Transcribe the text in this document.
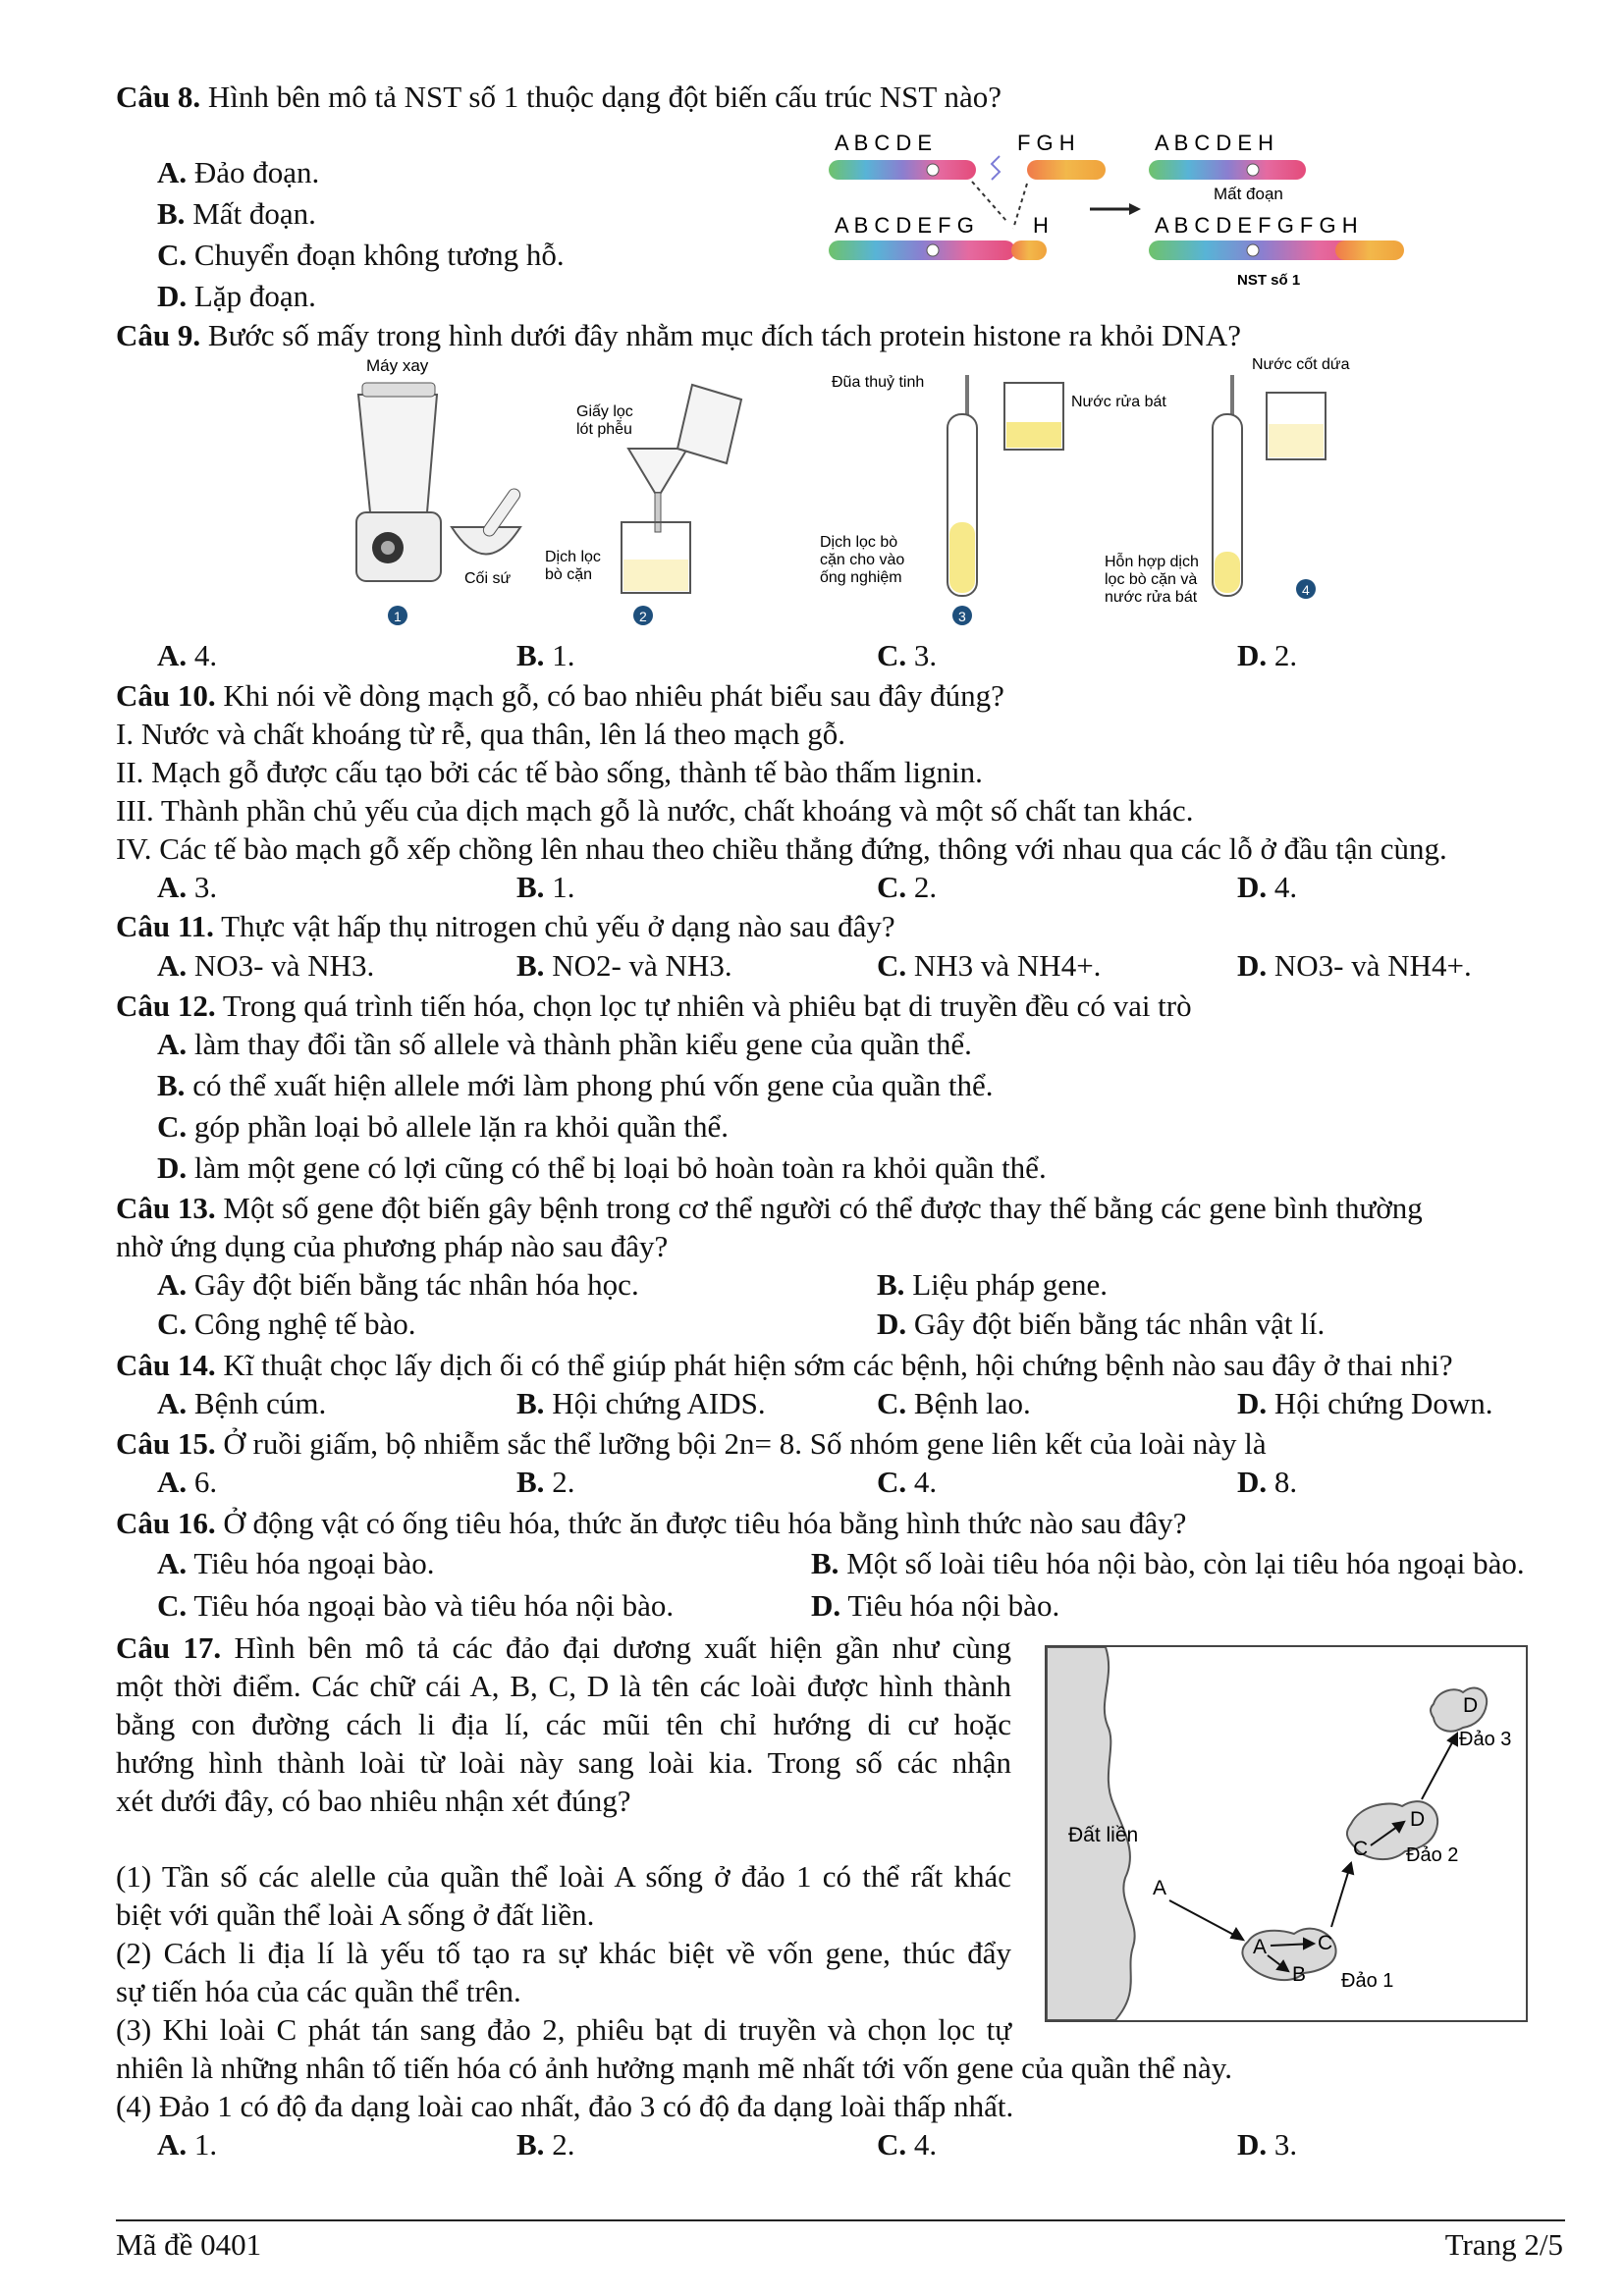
Câu 8. Hình bên mô tả NST số 1 thuộc dạng đột biến cấu trúc NST nào?
A. Đảo đoạn.
B. Mất đoạn.
C. Chuyển đoạn không tương hỗ.
D. Lặp đoạn.
A B C D E	F G H
A B C D E F G	H
A B C D E H
Mất đoạn
A B C D E F G F G H
NST số 1
Câu 9. Bước số mấy trong hình dưới đây nhằm mục đích tách protein histone ra khỏi DNA?
Máy xay
Cối sứ
1
Giấy lọc lót phễu
Dịch lọc bò cặn
2
Đũa thuỷ tinh
Nước rửa bát
Dịch lọc bò cặn cho vào ống nghiệm
3
Nước cốt dứa
Hỗn hợp dịch lọc bò cặn và nước rửa bát	4
A. 4.	B. 1.	C. 3.	D. 2.
Câu 10. Khi nói về dòng mạch gỗ, có bao nhiêu phát biểu sau đây đúng?
I. Nước và chất khoáng từ rễ, qua thân, lên lá theo mạch gỗ.
II. Mạch gỗ được cấu tạo bởi các tế bào sống, thành tế bào thấm lignin.
III. Thành phần chủ yếu của dịch mạch gỗ là nước, chất khoáng và một số chất tan khác.
IV. Các tế bào mạch gỗ xếp chồng lên nhau theo chiều thẳng đứng, thông với nhau qua các lỗ ở đầu tận cùng.
A. 3.	B. 1.	C. 2.	D. 4.
Câu 11. Thực vật hấp thụ nitrogen chủ yếu ở dạng nào sau đây?
A. NO3- và NH3.	B. NO2- và NH3.	C. NH3 và NH4+.	D. NO3- và NH4+.
Câu 12. Trong quá trình tiến hóa, chọn lọc tự nhiên và phiêu bạt di truyền đều có vai trò
A. làm thay đổi tần số allele và thành phần kiểu gene của quần thể.
B. có thể xuất hiện allele mới làm phong phú vốn gene của quần thể.
C. góp phần loại bỏ allele lặn ra khỏi quần thể.
D. làm một gene có lợi cũng có thể bị loại bỏ hoàn toàn ra khỏi quần thể.
Câu 13. Một số gene đột biến gây bệnh trong cơ thể người có thể được thay thế bằng các gene bình thường
nhờ ứng dụng của phương pháp nào sau đây?
A. Gây đột biến bằng tác nhân hóa học.	B. Liệu pháp gene.
C. Công nghệ tế bào.	D. Gây đột biến bằng tác nhân vật lí.
Câu 14. Kĩ thuật chọc lấy dịch ối có thể giúp phát hiện sớm các bệnh, hội chứng bệnh nào sau đây ở thai nhi?
A. Bệnh cúm.	B. Hội chứng AIDS.	C. Bệnh lao.	D. Hội chứng Down.
Câu 15. Ở ruồi giấm, bộ nhiễm sắc thể lưỡng bội 2n= 8. Số nhóm gene liên kết của loài này là
A. 6.	B. 2.	C. 4.	D. 8.
Câu 16. Ở động vật có ống tiêu hóa, thức ăn được tiêu hóa bằng hình thức nào sau đây?
A. Tiêu hóa ngoại bào.	B. Một số loài tiêu hóa nội bào, còn lại tiêu hóa ngoại bào.
C. Tiêu hóa ngoại bào và tiêu hóa nội bào.	D. Tiêu hóa nội bào.
Câu 17. Hình bên mô tả các đảo đại dương xuất hiện gần như cùng
một thời điểm. Các chữ cái A, B, C, D là tên các loài được hình thành
bằng con đường cách li địa lí, các mũi tên chỉ hướng di cư hoặc
hướng hình thành loài từ loài này sang loài kia. Trong số các nhận
xét dưới đây, có bao nhiêu nhận xét đúng?
(1) Tần số các alelle của quần thể loài A sống ở đảo 1 có thể rất khác
biệt với quần thể loài A sống ở đất liền.
(2) Cách li địa lí là yếu tố tạo ra sự khác biệt về vốn gene, thúc đẩy
sự tiến hóa của các quần thể trên.
(3) Khi loài C phát tán sang đảo 2, phiêu bạt di truyền và chọn lọc tự
nhiên là những nhân tố tiến hóa có ảnh hưởng mạnh mẽ nhất tới vốn gene của quần thể này.
(4) Đảo 1 có độ đa dạng loài cao nhất, đảo 3 có độ đa dạng loài thấp nhất.
Đất liền
A
A C
B Đảo 1
C
D
Đảo 2
D
Đảo 3
A. 1.	B. 2.	C. 4.	D. 3.
Mã đề 0401	Trang 2/5
